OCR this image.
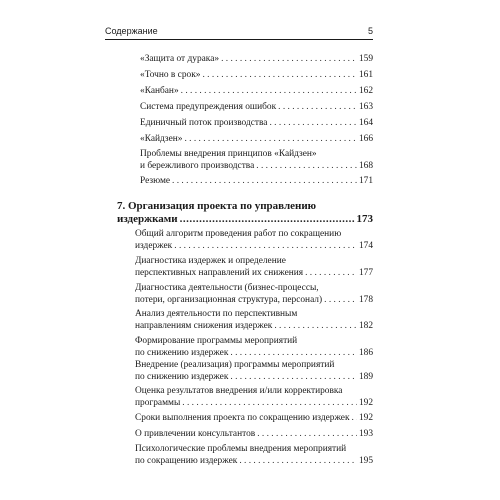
Содержание	5
«Защита от дурака» . . .	159
«Точно в срок» . . .	161
«Канбан» . . .	162
Система предупреждения ошибок . . .	163
Единичный поток производства . . .	164
«Кайдзен» . . .	166
Проблемы внедрения принципов «Кайдзен»
и бережливого производства . . .	168
Резюме . . .	171
7. Организация проекта по управлению
издержками .....	173
Общий алгоритм проведения работ по сокращению
издержек . . .	174
Диагностика издержек и определение
перспективных направлений их снижения . . .	177
Диагностика деятельности (бизнес-процессы,
потери, организационная структура, персонал) . . .	178
Анализ деятельности по перспективным
направлениям снижения издержек . . .	182
Формирование программы мероприятий
по снижению издержек . . .	186
Внедрение (реализация) программы мероприятий
по снижению издержек . . .	189
Оценка результатов внедрения и/или корректировка
программы . . .	192
Сроки выполнения проекта по сокращению издержек . . . 192
О привлечении консультантов . . .	193
Психологические проблемы внедрения мероприятий
по сокращению издержек . . .	195
